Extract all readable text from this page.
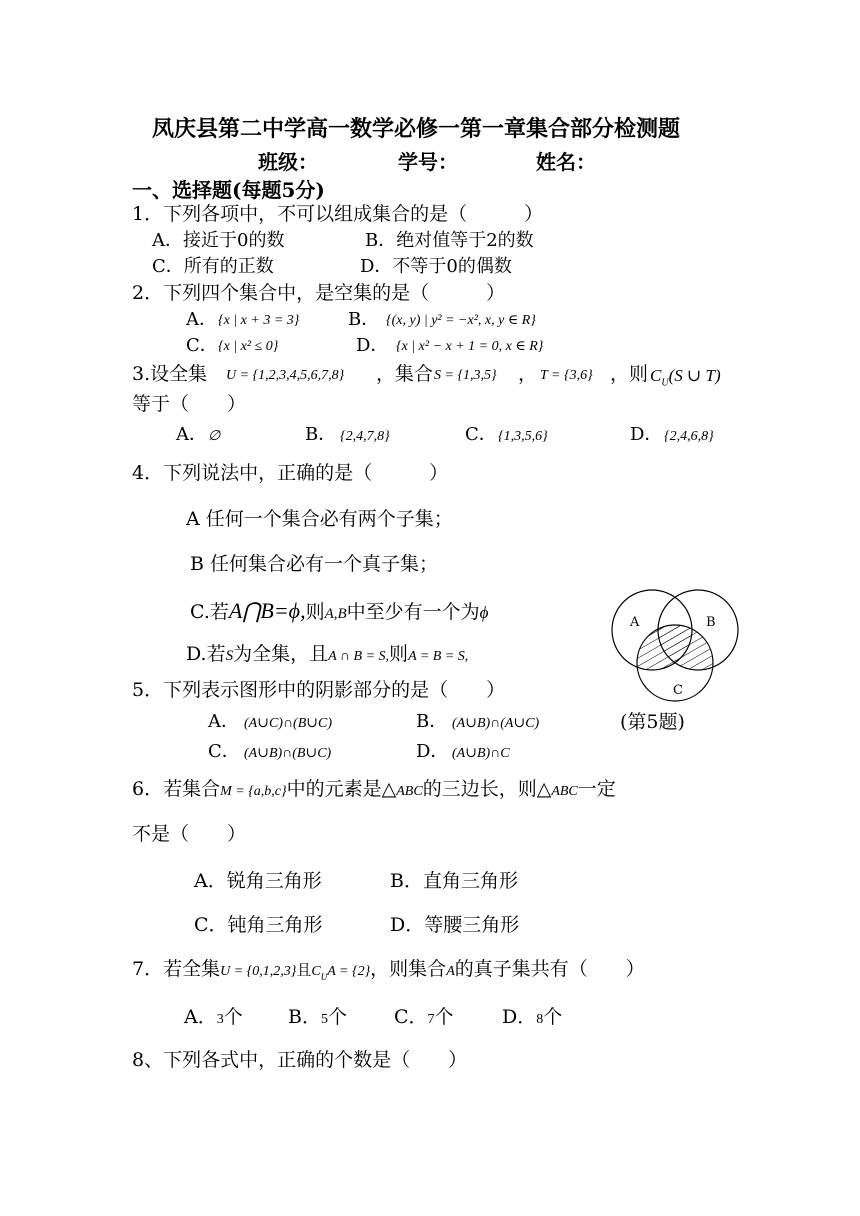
凤庆县第二中学高一数学必修一第一章集合部分检测题
班级：	学号：	姓名：
一、选择题(每题5分)
1．下列各项中，不可以组成集合的是（　　　）
A．接近于0的数	B．绝对值等于2的数
C．所有的正数	D．不等于0的偶数
2．下列四个集合中，是空集的是（　　　）
A． {x | x + 3 = 3}	B． {(x, y) | y² = −x², x, y ∈ R}
C． {x | x² ≤ 0}	D． {x | x² − x + 1 = 0, x ∈ R}
3.设全集 U = {1,2,3,4,5,6,7,8} ，集合 S = {1,3,5} ， T = {3,6} ，则 $C_U(S$ ∪ T)
等于（　　）
A． ∅	B． {2,4,7,8}	C． {1,3,5,6}	D． {2,4,6,8}
4．下列说法中，正确的是（　　　）
A 任何一个集合必有两个子集；
B 任何集合必有一个真子集；
C.若A⋂B=ϕ,则A,B中至少有一个为ϕ
D.若S为全集，且A ∩ B = S,则A = B = S,
A	B
C
5．下列表示图形中的阴影部分的是（　　）
A． (A∪C)∩(B∪C)	B． (A∪B)∩(A∪C)	(第5题)
C． (A∪B)∩(B∪C)	D． (A∪B)∩C
6．若集合M = {a,b,c}中的元素是△ABC的三边长，则△ABC一定
不是（　　）
A．锐角三角形	B．直角三角形
C．钝角三角形	D．等腰三角形
7．若全集U = {0,1,2,3}且$C_UA = \{2\}$，则集合A的真子集共有（　　）
A．3个 B．5个 C．7个	D．8个
8、下列各式中，正确的个数是（　　）
